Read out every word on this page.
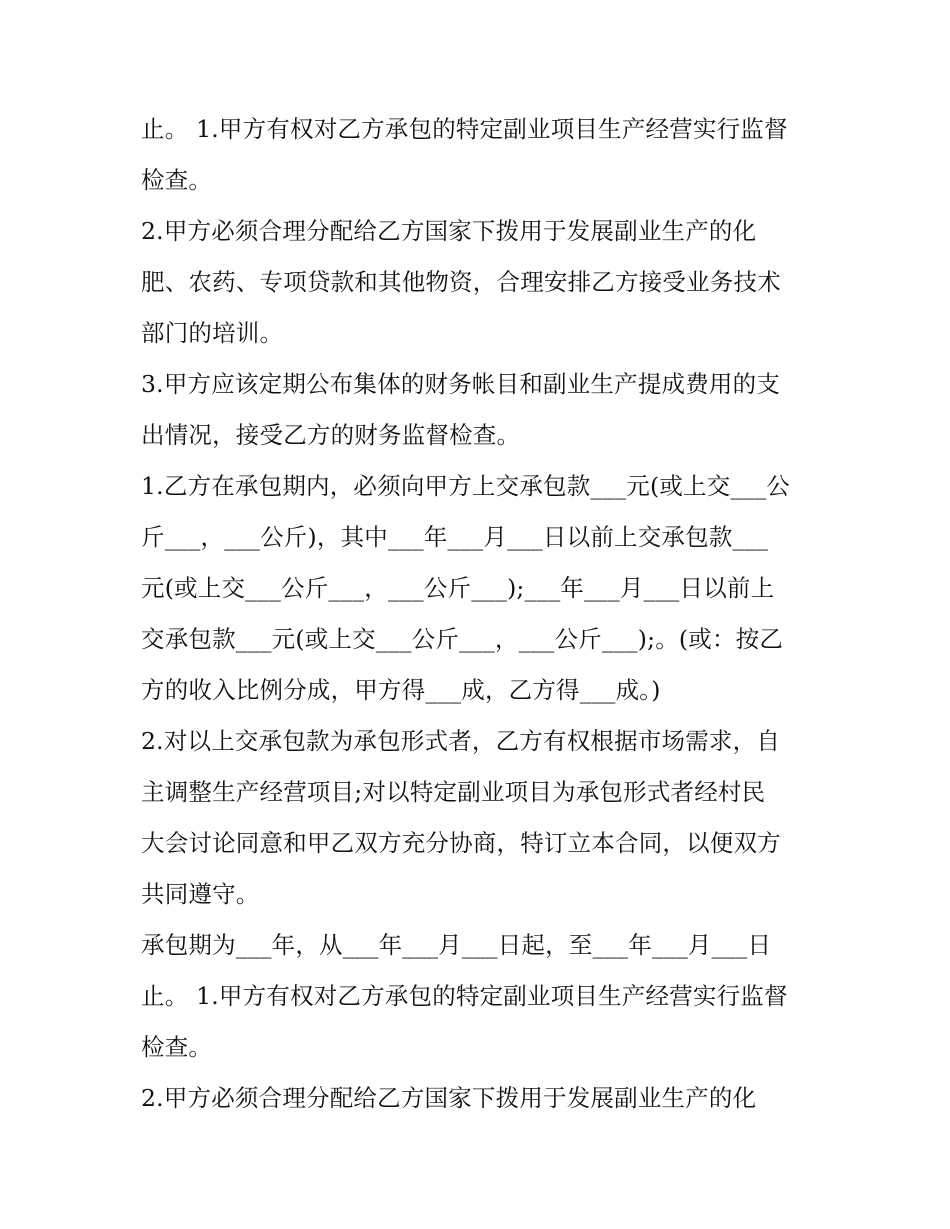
止。 1.甲方有权对乙方承包的特定副业项目生产经营实行监督
检查。
2.甲方必须合理分配给乙方国家下拨用于发展副业生产的化
肥、农药、专项贷款和其他物资，合理安排乙方接受业务技术
部门的培训。
3.甲方应该定期公布集体的财务帐目和副业生产提成费用的支
出情况，接受乙方的财务监督检查。
1.乙方在承包期内，必须向甲方上交承包款___元(或上交___公
斤___，___公斤)，其中___年___月___日以前上交承包款___
元(或上交___公斤___，___公斤___);___年___月___日以前上
交承包款___元(或上交___公斤___，___公斤___);。(或：按乙
方的收入比例分成，甲方得___成，乙方得___成。)
2.对以上交承包款为承包形式者，乙方有权根据市场需求，自
主调整生产经营项目;对以特定副业项目为承包形式者经村民
大会讨论同意和甲乙双方充分协商，特订立本合同，以便双方
共同遵守。
承包期为___年，从___年___月___日起，至___年___月___日
止。 1.甲方有权对乙方承包的特定副业项目生产经营实行监督
检查。
2.甲方必须合理分配给乙方国家下拨用于发展副业生产的化
